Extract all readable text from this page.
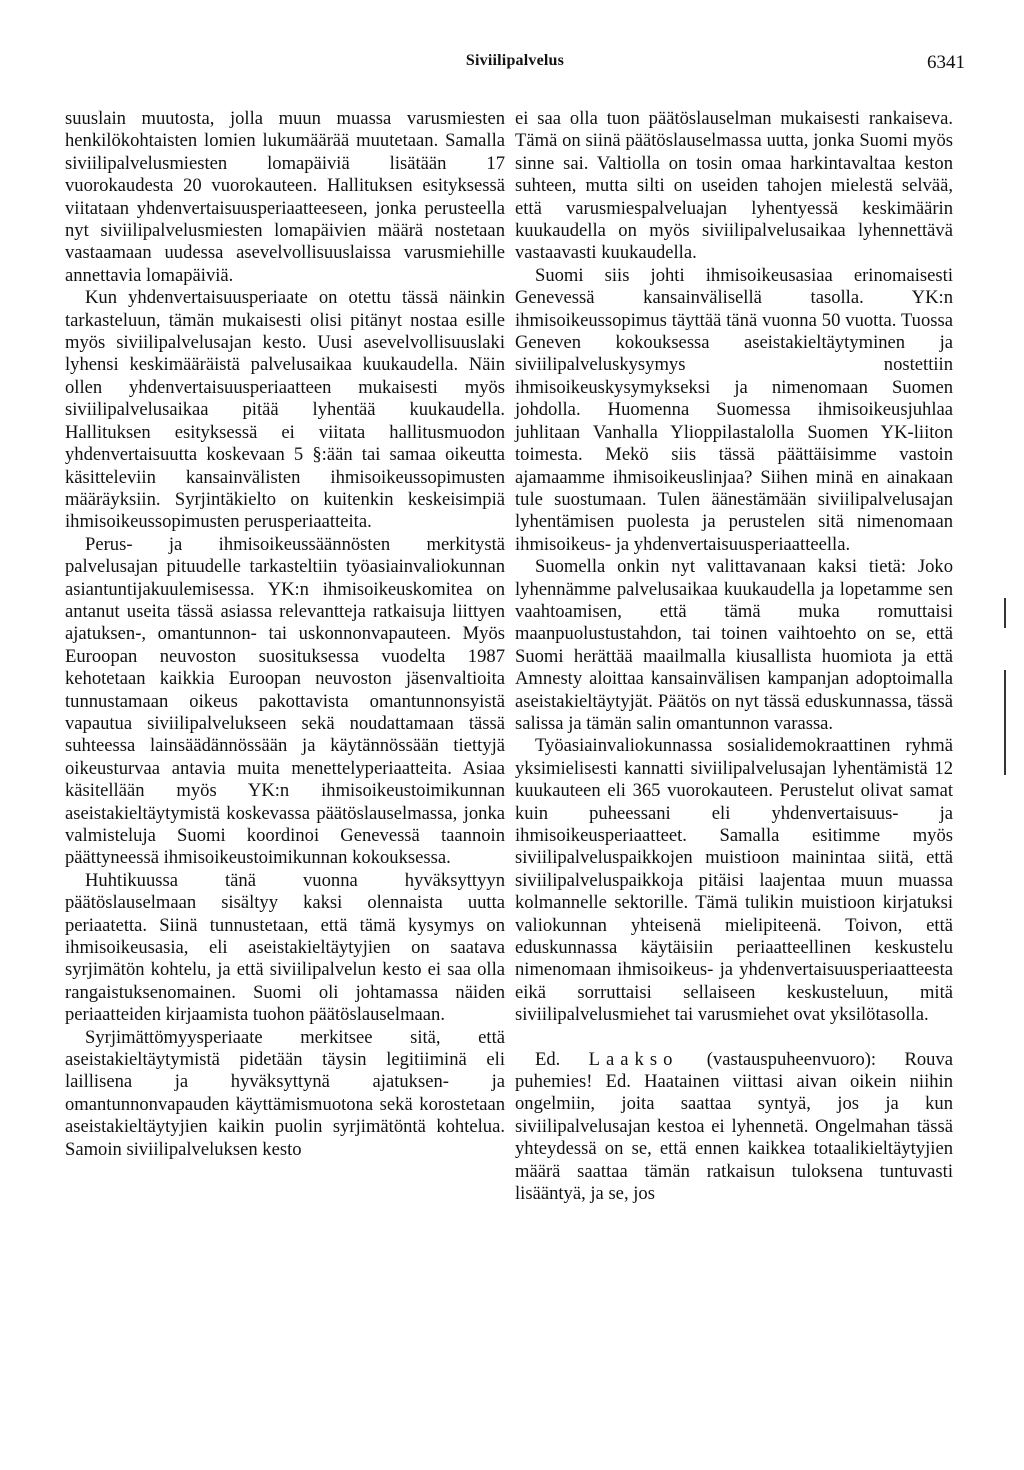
Siviilipalvelus	6341

suuslain muutosta, jolla muun muassa varusmiesten henkilökohtaisten lomien lukumäärää muutetaan. Samalla siviilipalvelusmiesten lomapäiviä lisätään 17 vuorokaudesta 20 vuorokauteen. Hallituksen esityksessä viitataan yhdenvertaisuusperiaatteeseen, jonka perusteella nyt siviilipalvelusmiesten lomapäivien määrä nostetaan vastaamaan uudessa asevelvollisuuslaissa varusmiehille annettavia lomapäiviä.

Kun yhdenvertaisuusperiaate on otettu tässä näinkin tarkasteluun, tämän mukaisesti olisi pitänyt nostaa esille myös siviilipalvelusajan kesto. Uusi asevelvollisuuslaki lyhensi keskimääräistä palvelusaikaa kuukaudella. Näin ollen yhdenvertaisuusperiaatteen mukaisesti myös siviilipalvelusaikaa pitää lyhentää kuukaudella. Hallituksen esityksessä ei viitata hallitusmuodon yhdenvertaisuutta koskevaan 5 §:ään tai samaa oikeutta käsitteleviin kansainvälisten ihmisoikeussopimusten määräyksiin. Syrjintäkielto on kuitenkin keskeisimpiä ihmisoikeussopimusten perusperiaatteita.

Perus- ja ihmisoikeussäännösten merkitystä palvelusajan pituudelle tarkasteltiin työasiainvaliokunnan asiantuntijakuulemisessa. YK:n ihmisoikeuskomitea on antanut useita tässä asiassa relevantteja ratkaisuja liittyen ajatuksen-, omantunnon- tai uskonnonvapauteen. Myös Euroopan neuvoston suosituksessa vuodelta 1987 kehotetaan kaikkia Euroopan neuvoston jäsenvaltioita tunnustamaan oikeus pakottavista omantunnonsyistä vapautua siviilipalvelukseen sekä noudattamaan tässä suhteessa lainsäädännössään ja käytännössään tiettyjä oikeusturvaa antavia muita menettelyperiaatteita. Asiaa käsitellään myös YK:n ihmisoikeustoimikunnan aseistakieltäytymistä koskevassa päätöslauselmassa, jonka valmisteluja Suomi koordinoi Genevessä taannoin päättyneessä ihmisoikeustoimikunnan kokouksessa.

Huhtikuussa tänä vuonna hyväksyttyyn päätöslauselmaan sisältyy kaksi olennaista uutta periaatetta. Siinä tunnustetaan, että tämä kysymys on ihmisoikeusasia, eli aseistakieltäytyjien on saatava syrjimätön kohtelu, ja että siviilipalvelun kesto ei saa olla rangaistuksenomainen. Suomi oli johtamassa näiden periaatteiden kirjaamista tuohon päätöslauselmaan.

Syrjimättömyysperiaate merkitsee sitä, että aseistakieltäytymistä pidetään täysin legitiiminä eli laillisena ja hyväksyttynä ajatuksen- ja omantunnonvapauden käyttämismuotona sekä korostetaan aseistakieltäytyjien kaikin puolin syrjimätöntä kohtelua. Samoin siviilipalveluksen kesto

ei saa olla tuon päätöslauselman mukaisesti rankaiseva. Tämä on siinä päätöslauselmassa uutta, jonka Suomi myös sinne sai. Valtiolla on tosin omaa harkintavaltaa keston suhteen, mutta silti on useiden tahojen mielestä selvää, että varusmiespalveluajan lyhentyessä keskimäärin kuukaudella on myös siviilipalvelusaikaa lyhennettävä vastaavasti kuukaudella.

Suomi siis johti ihmisoikeusasiaa erinomaisesti Genevessä kansainvälisellä tasolla. YK:n ihmisoikeussopimus täyttää tänä vuonna 50 vuotta. Tuossa Geneven kokouksessa aseistakieltäytyminen ja siviilipalveluskysymys nostettiin ihmisoikeuskysymykseksi ja nimenomaan Suomen johdolla. Huomenna Suomessa ihmisoikeusjuhlaa juhlitaan Vanhalla Ylioppilastalolla Suomen YK-liiton toimesta. Mekö siis tässä päättäisimme vastoin ajamaamme ihmisoikeuslinjaa? Siihen minä en ainakaan tule suostumaan. Tulen äänestämään siviilipalvelusajan lyhentämisen puolesta ja perustelen sitä nimenomaan ihmisoikeus- ja yhdenvertaisuusperiaatteella.

Suomella onkin nyt valittavanaan kaksi tietä: Joko lyhennämme palvelusaikaa kuukaudella ja lopetamme sen vaahtoamisen, että tämä muka romuttaisi maanpuolustustahdon, tai toinen vaihtoehto on se, että Suomi herättää maailmalla kiusallista huomiota ja että Amnesty aloittaa kansainvälisen kampanjan adoptoimalla aseistakieltäytyjät. Päätös on nyt tässä eduskunnassa, tässä salissa ja tämän salin omantunnon varassa.

Työasiainvaliokunnassa sosialidemokraattinen ryhmä yksimielisesti kannatti siviilipalvelusajan lyhentämistä 12 kuukauteen eli 365 vuorokauteen. Perustelut olivat samat kuin puheessani eli yhdenvertaisuus- ja ihmisoikeusperiaatteet. Samalla esitimme myös siviilipalveluspaikkojen muistioon mainintaa siitä, että siviilipalveluspaikkoja pitäisi laajentaa muun muassa kolmannelle sektorille. Tämä tulikin muistioon kirjatuksi valiokunnan yhteisenä mielipiteenä. Toivon, että eduskunnassa käytäisiin periaatteellinen keskustelu nimenomaan ihmisoikeus- ja yhdenvertaisuusperiaatteesta eikä sorruttaisi sellaiseen keskusteluun, mitä siviilipalvelusmiehet tai varusmiehet ovat yksilötasolla.

Ed. Laakso (vastauspuheenvuoro): Rouva puhemies! Ed. Haatainen viittasi aivan oikein niihin ongelmiin, joita saattaa syntyä, jos ja kun siviilipalvelusajan kestoa ei lyhennetä. Ongelmahan tässä yhteydessä on se, että ennen kaikkea totaalikieltäytyjien määrä saattaa tämän ratkaisun tuloksena tuntuvasti lisääntyä, ja se, jos
